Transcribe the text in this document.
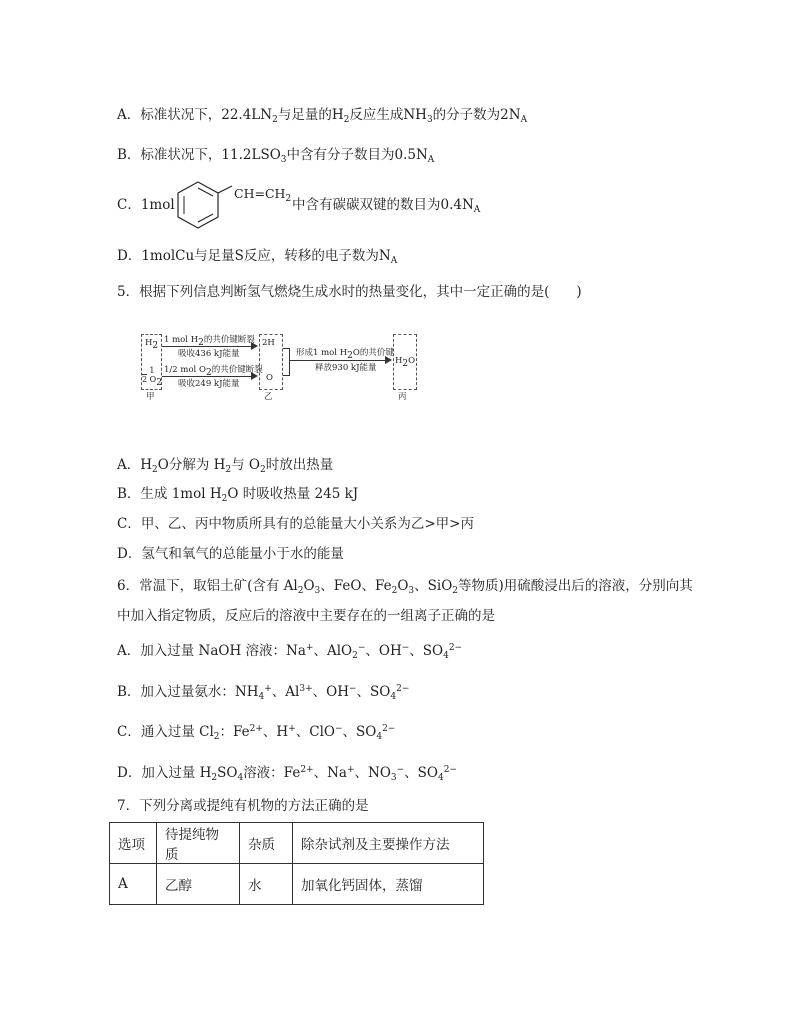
A．标准状况下，$22.4LN_2$与足量的$H_2$反应生成$NH_3$的分子数为$2N_A$
B．标准状况下，$11.2LSO_3$中含有分子数目为$0.5N_A$
C．1mol
$CH=CH_2$ 中含有碳碳双键的数目为$0.4N_A$
D．1molCu与足量S反应，转移的电子数为$N_A$
5．根据下列信息判断氢气燃烧生成水时的热量变化，其中一定正确的是(　　)
$H_2$
1
2 $O_2$
甲
1 mol $H_2$的共价键断裂
吸收436 kJ能量
1/2 mol $O_2$的共价键断裂
吸收249 kJ能量
2H
O
乙
形成1 mol $H_2O$的共价键
释放930 kJ能量
$H_2O$
丙
A．$H_2O$分解为 $H_2$与 $O_2$时放出热量
B．生成 1mol $H_2O$ 时吸收热量 245 kJ
C．甲、乙、丙中物质所具有的总能量大小关系为乙>甲>丙
D．氢气和氧气的总能量小于水的能量
6．常温下，取铝土矿(含有 $Al_2O_3$、FeO、$Fe_2O_3$、SiO$_2$等物质)用硫酸浸出后的溶液，分别向其
中加入指定物质，反应后的溶液中主要存在的一组离子正确的是
A．加入过量 NaOH 溶液：Na+、AlO$_2$−、OH−、$SO_4^{2-}$
B．加入过量氨水：$NH_4^+$、$Al^{3+}$、OH−、$SO_4^{2-}$
C．通入过量 $Cl_2$：$Fe^{2+}$、H+、ClO−、$SO_4^{2-}$
D．加入过量 $H_2SO_4$溶液：$Fe^{2+}$、Na+、$NO_3^-$、$SO_4^{2-}$
7．下列分离或提纯有机物的方法正确的是
选项	待提纯物质	杂质	除杂试剂及主要操作方法
A	乙醇	水	加氧化钙固体，蒸馏
